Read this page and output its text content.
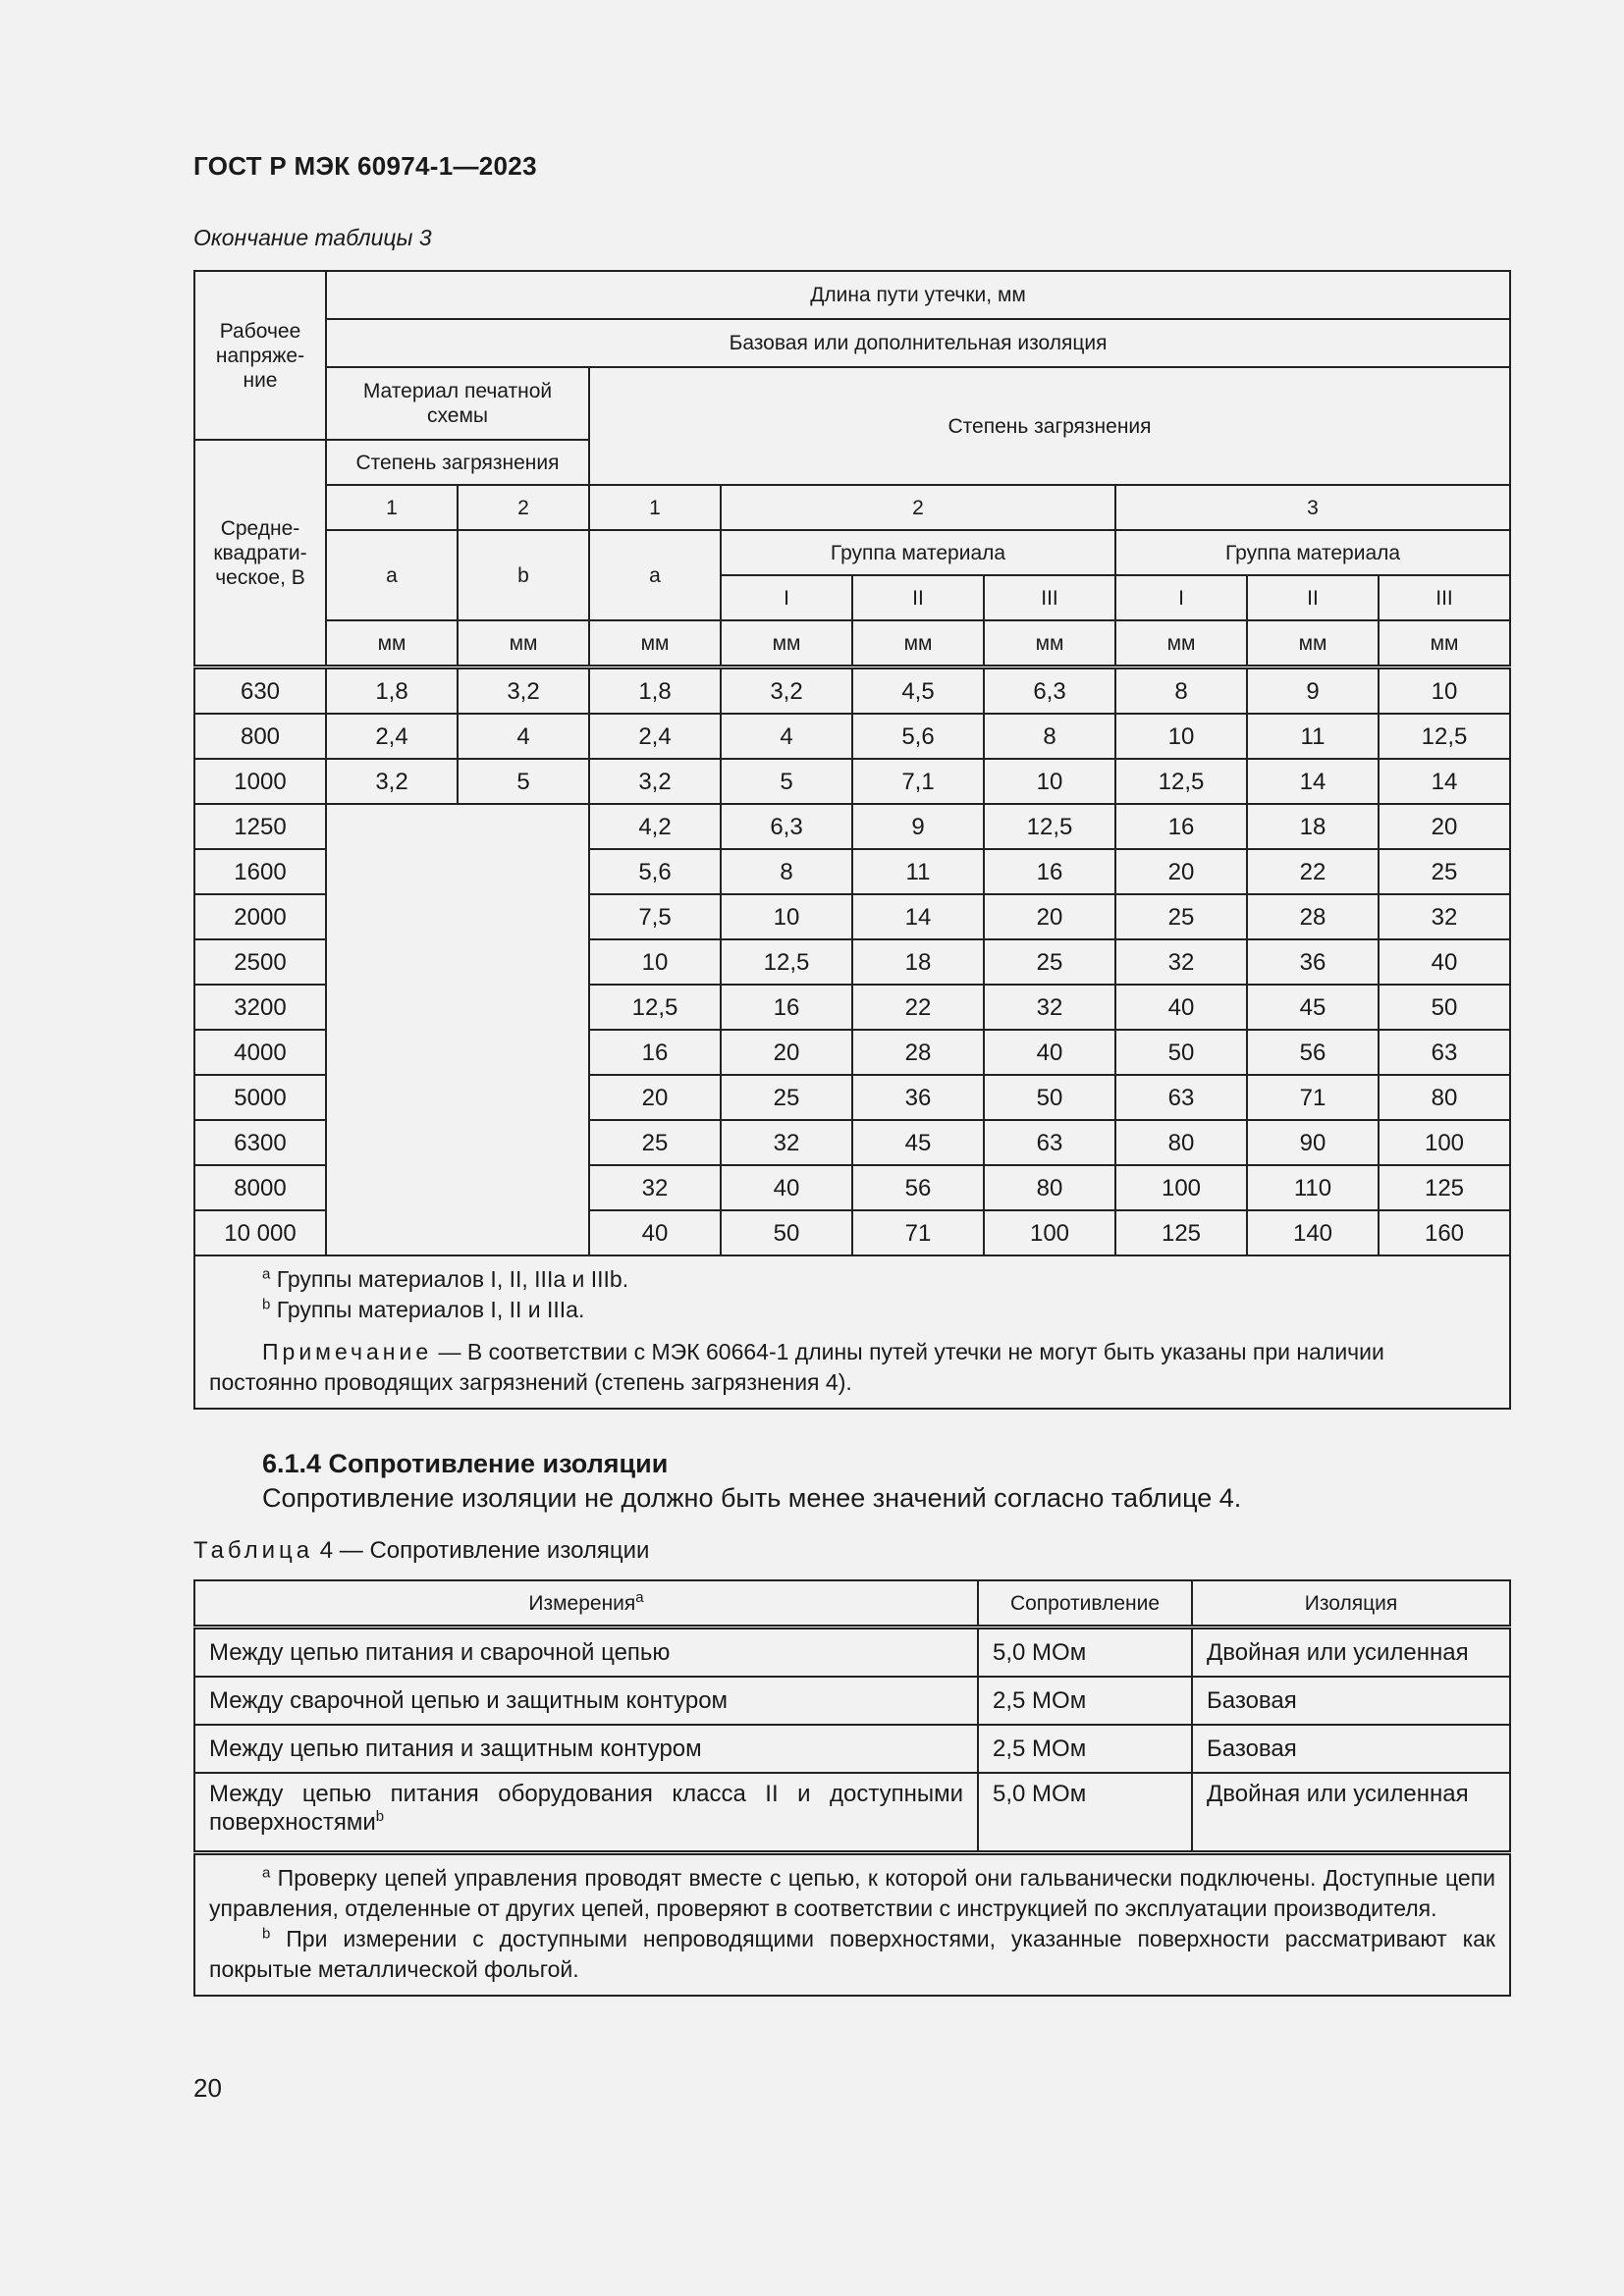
ГОСТ Р МЭК 60974-1—2023
Окончание таблицы 3
Рабочее
напряже-
ние	Длина пути утечки, мм								
	Базовая или дополнительная изоляция								
	Материал печатной
схемы		Степень загрязнения						
Средне-
квадрати-
ческое, В	Степень загрязнения								
	1	2	1	2			3		
	a	b	a	Группа материала			Группа материала		
				I	II	III	I	II	III
	мм	мм	мм	мм	мм	мм	мм	мм	мм
630	1,8	3,2	1,8	3,2	4,5	6,3	8	9	10
800	2,4	4	2,4	4	5,6	8	10	11	12,5
1000	3,2	5	3,2	5	7,1	10	12,5	14	14
1250			4,2	6,3	9	12,5	16	18	20
1600			5,6	8	11	16	20	22	25
2000			7,5	10	14	20	25	28	32
2500			10	12,5	18	25	32	36	40
3200			12,5	16	22	32	40	45	50
4000			16	20	28	40	50	56	63
5000			20	25	36	50	63	71	80
6300			25	32	45	63	80	90	100
8000			32	40	56	80	100	110	125
10 000			40	50	71	100	125	140	160

$^a$ Группы материалов I, II, IIIa и IIIb.
$^b$ Группы материалов I, II и IIIa.
Примечание — В соответствии с МЭК 60664-1 длины путей утечки не могут быть указаны при наличии постоянно проводящих загрязнений (степень загрязнения 4).									
6.1.4 Сопротивление изоляции
Сопротивление изоляции не должно быть менее значений согласно таблице 4.
Таблица 4 — Сопротивление изоляции
Измерения$^a$	Сопротивление	Изоляция
Между цепью питания и сварочной цепью	5,0 МОм	Двойная или усиленная
Между сварочной цепью и защитным контуром	2,5 МОм	Базовая
Между цепью питания и защитным контуром	2,5 МОм	Базовая

Между цепью питания оборудования класса II и доступными
поверхностями$^b$	5,0 МОм	Двойная или усиленная

$^a$ Проверку цепей управления проводят вместе с цепью, к которой они гальванически подключены. Доступные цепи управления, отделенные от других цепей, проверяют в соответствии с инструкцией по эксплуатации производителя.
$^b$ При измерении с доступными непроводящими поверхностями, указанные поверхности рассматривают как покрытые металлической фольгой.		
20
